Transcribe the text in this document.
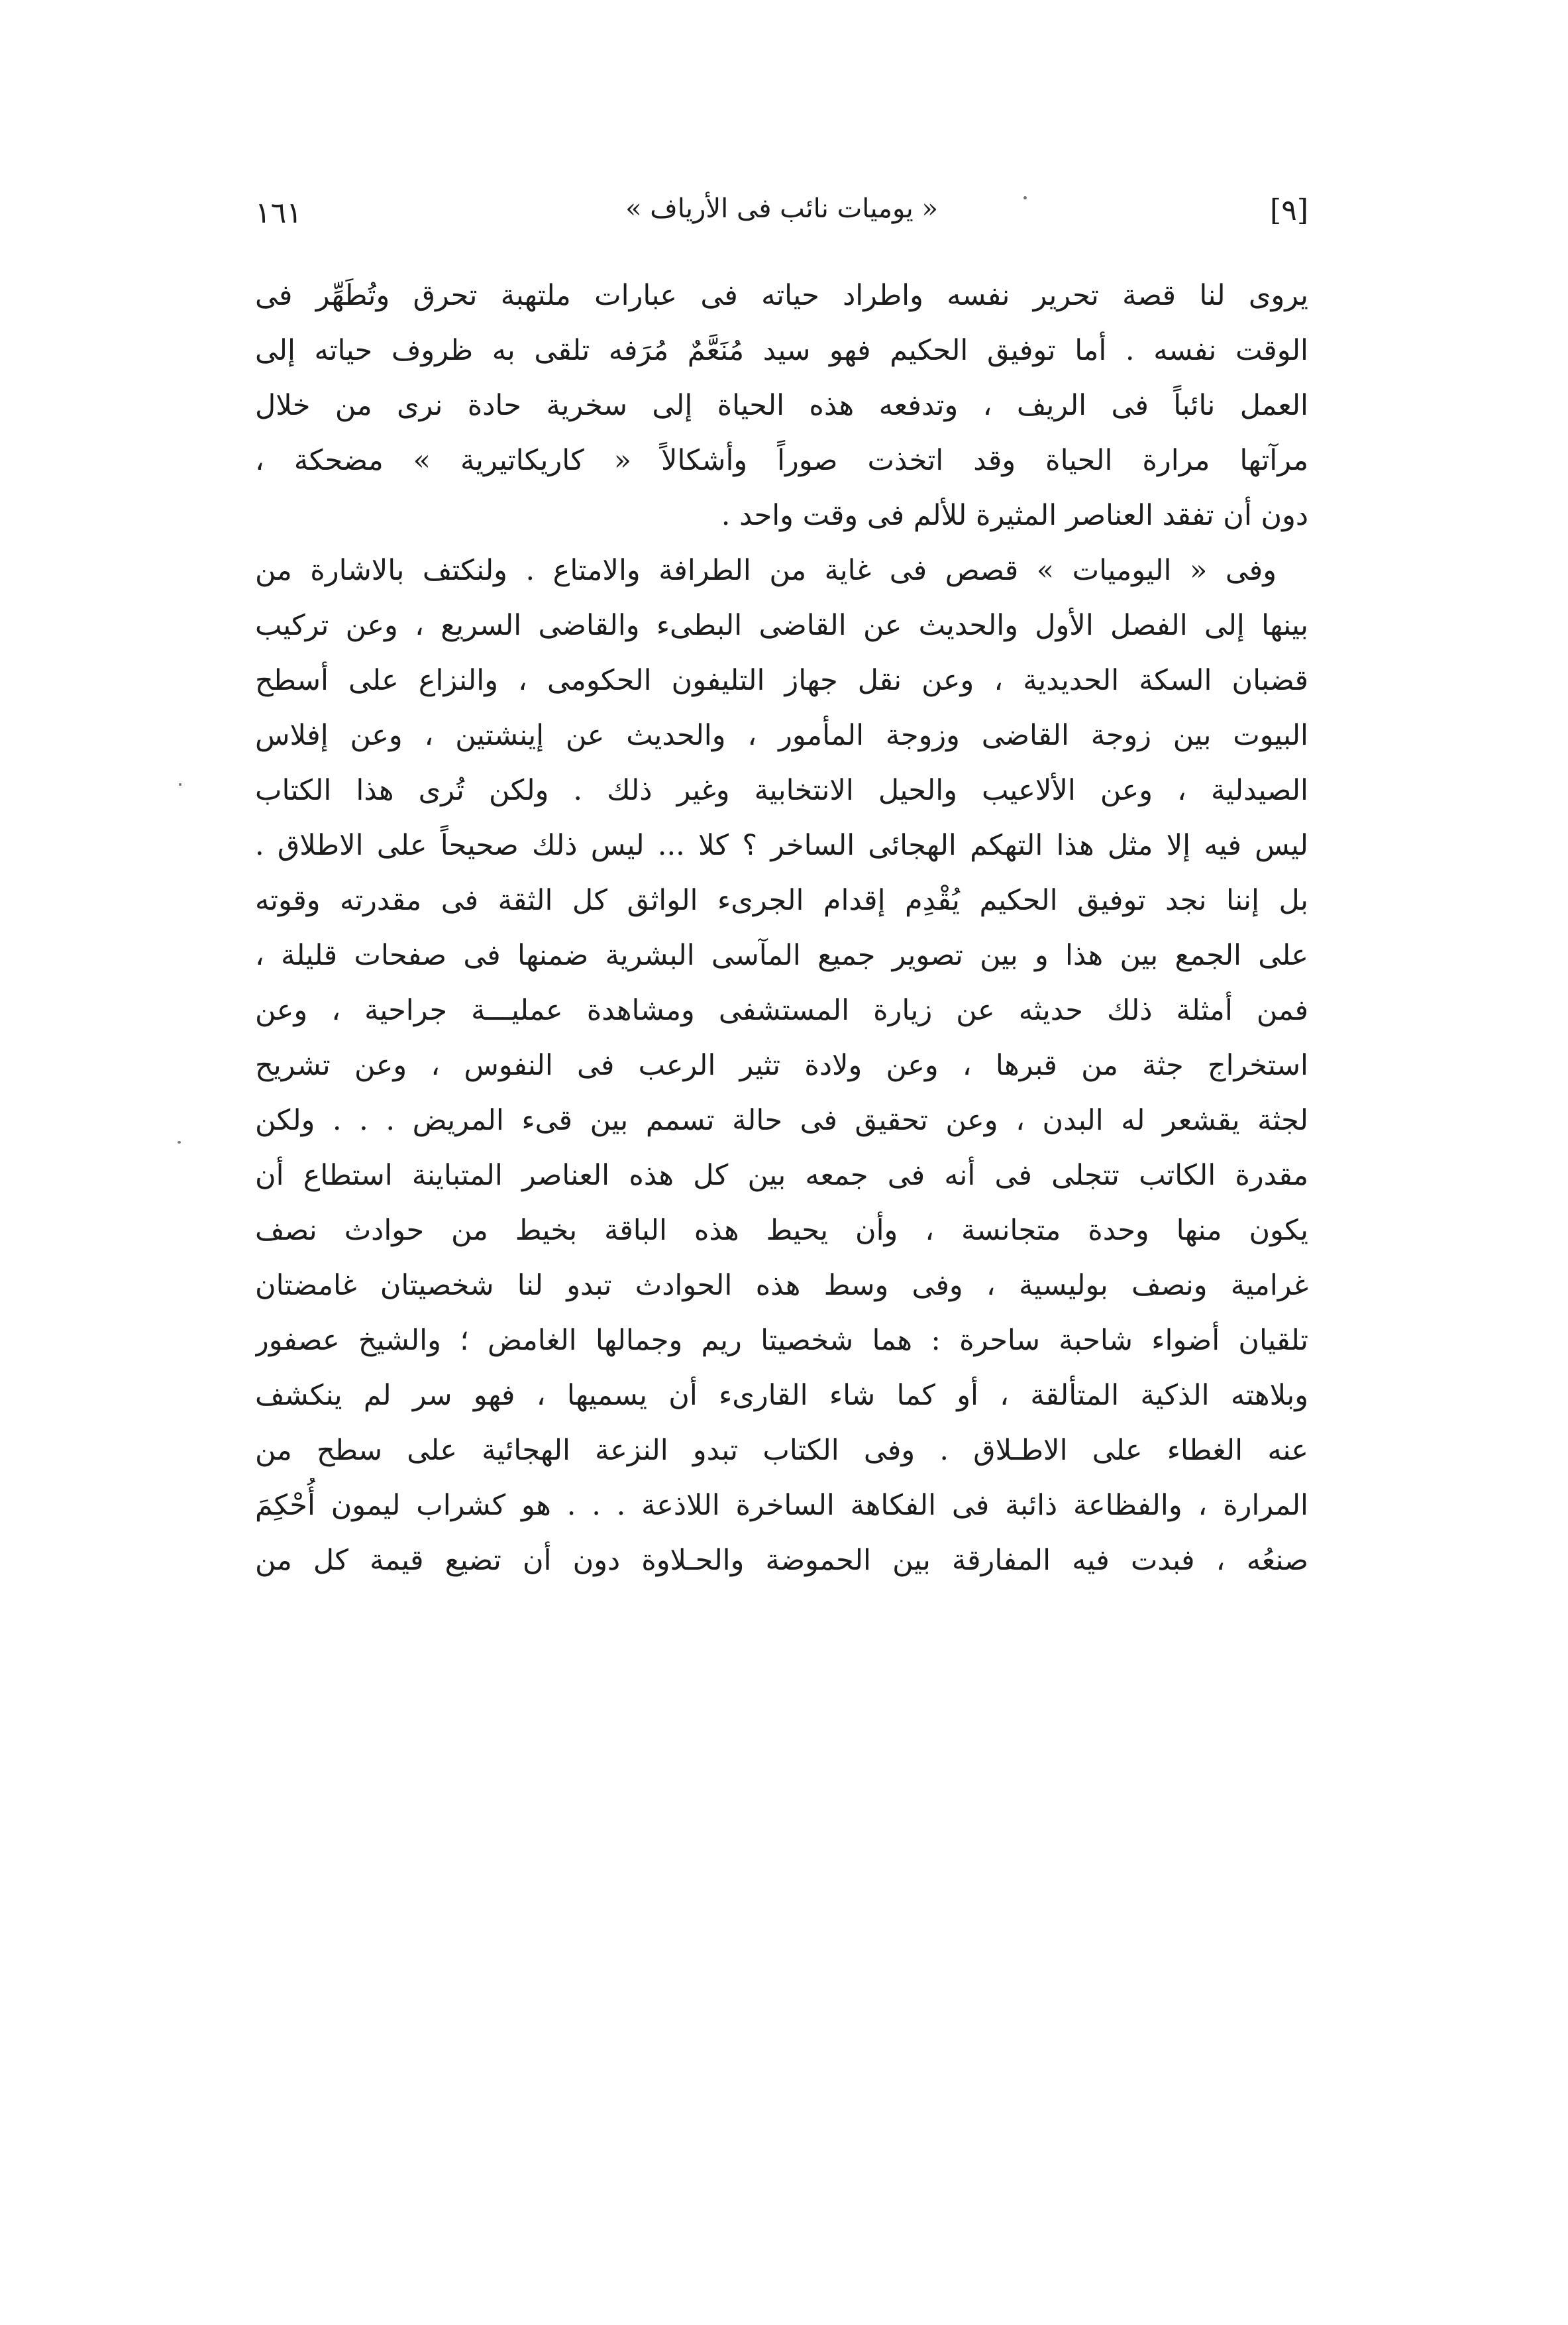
١٦١	« يوميات نائب فى الأرياف »	[٩]
يروى لنا قصة تحرير نفسه واطراد حياته فى عبارات ملتهبة تحرق وتُطَهِّر فى
الوقت نفسه . أما توفيق الحكيم فهو سيد مُنَعَّمٌ مُرَفه تلقى به ظروف حياته إلى
العمل نائباً فى الريف ، وتدفعه هذه الحياة إلى سخرية حادة نرى من خلال
مرآتها مرارة الحياة وقد اتخذت صوراً وأشكالاً « كاريكاتيرية » مضحكة ،
دون أن تفقد العناصر المثيرة للألم فى وقت واحد .
وفى « اليوميات » قصص فى غاية من الطرافة والامتاع . ولنكتف بالاشارة من
بينها إلى الفصل الأول والحديث عن القاضى البطىء والقاضى السريع ، وعن تركيب
قضبان السكة الحديدية ، وعن نقل جهاز التليفون الحكومى ، والنزاع على أسطح
البيوت بين زوجة القاضى وزوجة المأمور ، والحديث عن إينشتين ، وعن إفلاس
الصيدلية ، وعن الألاعيب والحيل الانتخابية وغير ذلك . ولكن تُرى هذا الكتاب
ليس فيه إلا مثل هذا التهكم الهجائى الساخر ؟ كلا ... ليس ذلك صحيحاً على الاطلاق .
بل إننا نجد توفيق الحكيم يُقْدِم إقدام الجرىء الواثق كل الثقة فى مقدرته وقوته
على الجمع بين هذا و بين تصوير جميع المآسى البشرية ضمنها فى صفحات قليلة ،
فمن أمثلة ذلك حديثه عن زيارة المستشفى ومشاهدة عمليـــة جراحية ، وعن
استخراج جثة من قبرها ، وعن ولادة تثير الرعب فى النفوس ، وعن تشريح
لجثة يقشعر له البدن ، وعن تحقيق فى حالة تسمم بين قىء المريض . . . ولكن
مقدرة الكاتب تتجلى فى أنه فى جمعه بين كل هذه العناصر المتباينة استطاع أن
يكون منها وحدة متجانسة ، وأن يحيط هذه الباقة بخيط من حوادث نصف
غرامية ونصف بوليسية ، وفى وسط هذه الحوادث تبدو لنا شخصيتان غامضتان
تلقيان أضواء شاحبة ساحرة : هما شخصيتا ريم وجمالها الغامض ؛ والشيخ عصفور
وبلاهته الذكية المتألقة ، أو كما شاء القارىء أن يسميها ، فهو سر لم ينكشف
عنه الغطاء على الاطـلاق . وفى الكتاب تبدو النزعة الهجائية على سطح من
المرارة ، والفظاعة ذائبة فى الفكاهة الساخرة اللاذعة . . . هو كشراب ليمون أُحْكِمَ
صنعُه ، فبدت فيه المفارقة بين الحموضة والحـلاوة دون أن تضيع قيمة كل من
